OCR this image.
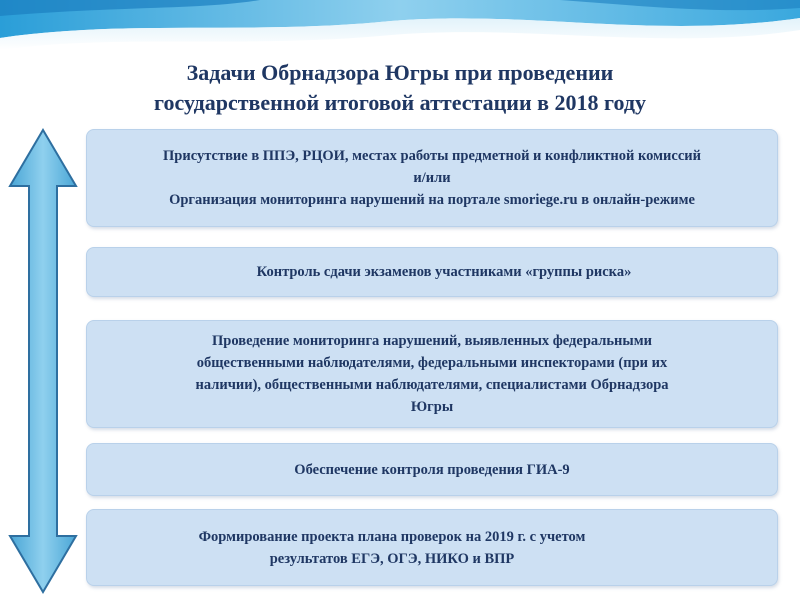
Задачи Обрнадзора Югры при проведении
государственной итоговой аттестации в 2018 году
Присутствие в ППЭ, РЦОИ, местах работы предметной и конфликтной комиссий
и/или
Организация мониторинга нарушений на портале smoriege.ru в онлайн-режиме
Контроль сдачи экзаменов участниками «группы риска»
Проведение мониторинга нарушений, выявленных федеральными
общественными наблюдателями, федеральными инспекторами (при их
наличии), общественными наблюдателями, специалистами Обрнадзора
Югры
Обеспечение контроля проведения ГИА-9
Формирование проекта плана проверок на 2019 г. с учетом
результатов ЕГЭ, ОГЭ, НИКО и ВПР
